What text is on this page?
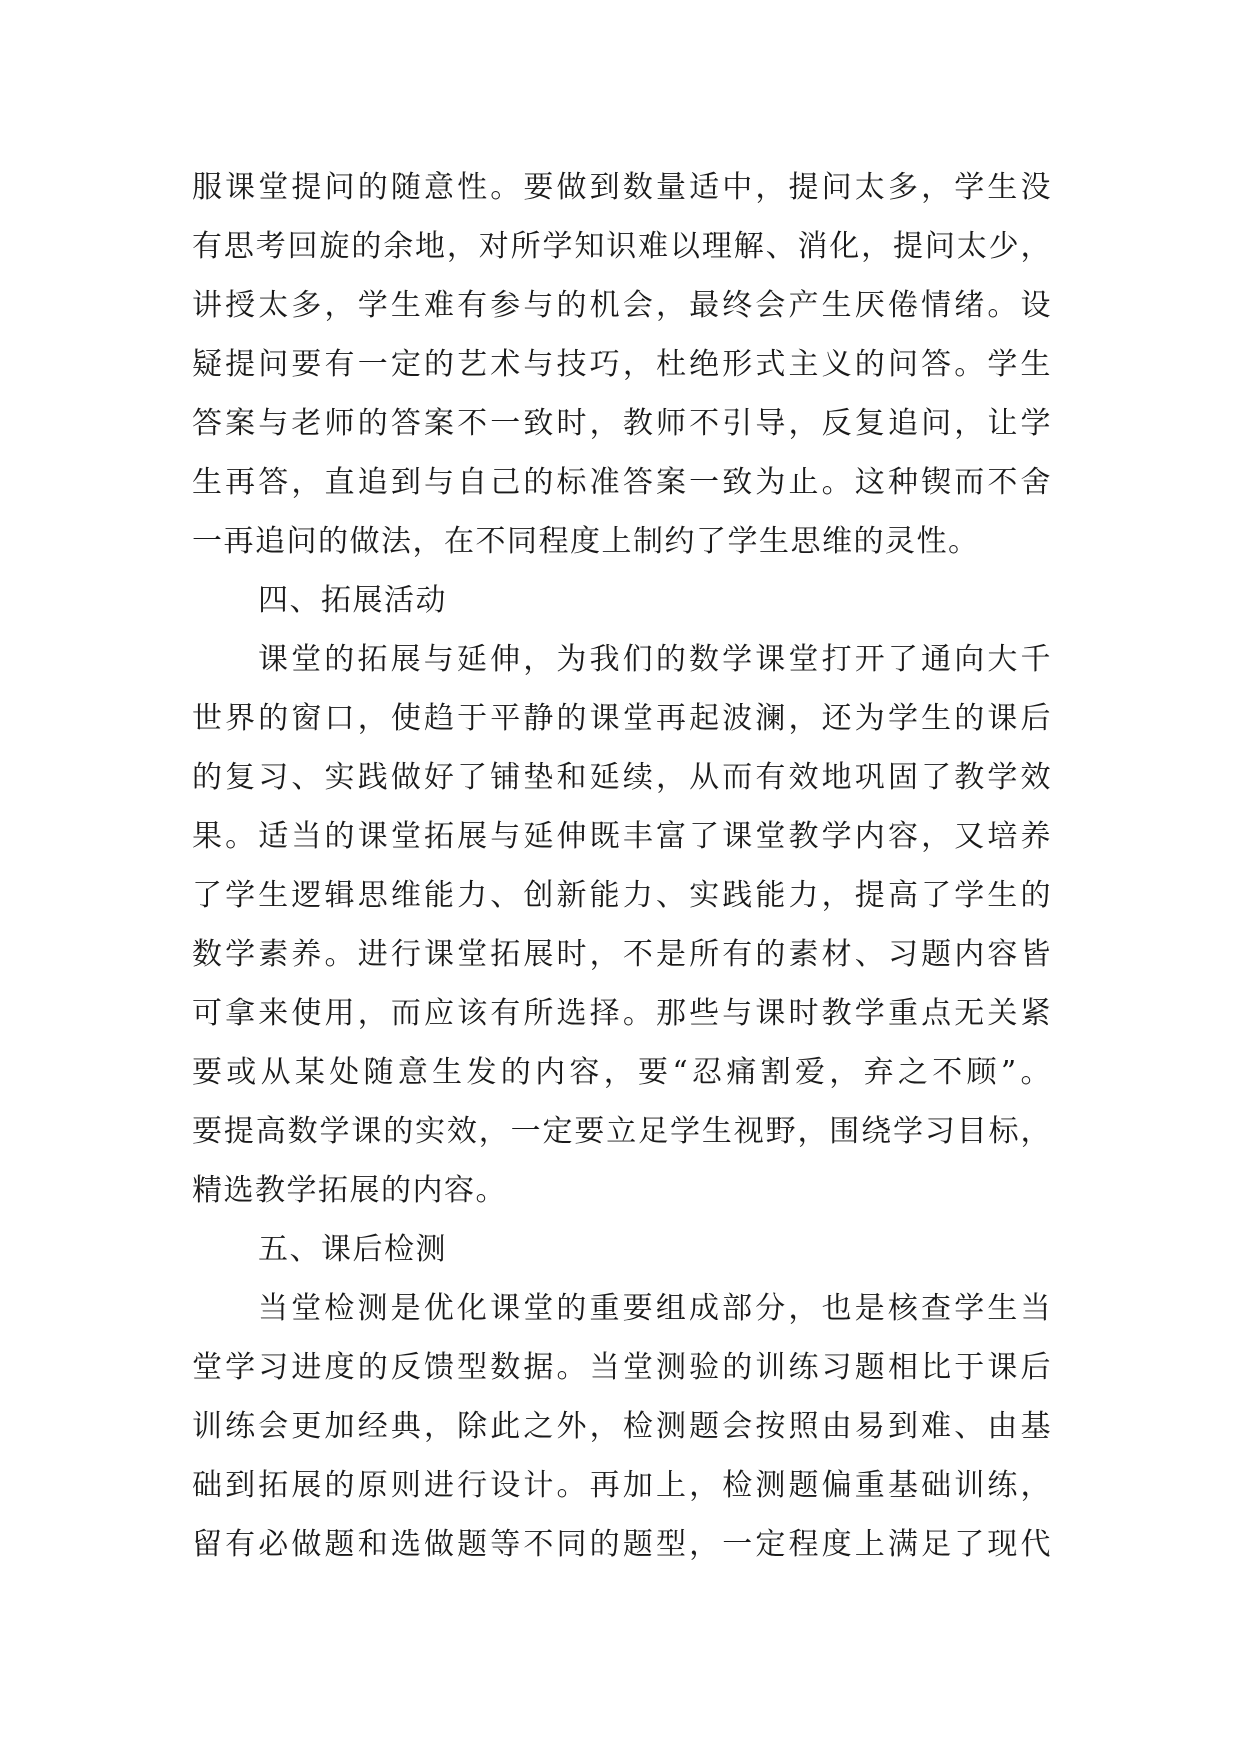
服课堂提问的随意性。要做到数量适中，提问太多，学生没
有思考回旋的余地，对所学知识难以理解、消化，提问太少，
讲授太多，学生难有参与的机会，最终会产生厌倦情绪。设
疑提问要有一定的艺术与技巧，杜绝形式主义的问答。学生
答案与老师的答案不一致时，教师不引导，反复追问，让学
生再答，直追到与自己的标准答案一致为止。这种锲而不舍
一再追问的做法，在不同程度上制约了学生思维的灵性。
四、拓展活动
课堂的拓展与延伸，为我们的数学课堂打开了通向大千
世界的窗口，使趋于平静的课堂再起波澜，还为学生的课后
的复习、实践做好了铺垫和延续，从而有效地巩固了教学效
果。适当的课堂拓展与延伸既丰富了课堂教学内容，又培养
了学生逻辑思维能力、创新能力、实践能力，提高了学生的
数学素养。进行课堂拓展时，不是所有的素材、习题内容皆
可拿来使用，而应该有所选择。那些与课时教学重点无关紧
要或从某处随意生发的内容，要“忍痛割爱，弃之不顾”。
要提高数学课的实效，一定要立足学生视野，围绕学习目标，
精选教学拓展的内容。
五、课后检测
当堂检测是优化课堂的重要组成部分，也是核查学生当
堂学习进度的反馈型数据。当堂测验的训练习题相比于课后
训练会更加经典，除此之外，检测题会按照由易到难、由基
础到拓展的原则进行设计。再加上，检测题偏重基础训练，
留有必做题和选做题等不同的题型，一定程度上满足了现代
